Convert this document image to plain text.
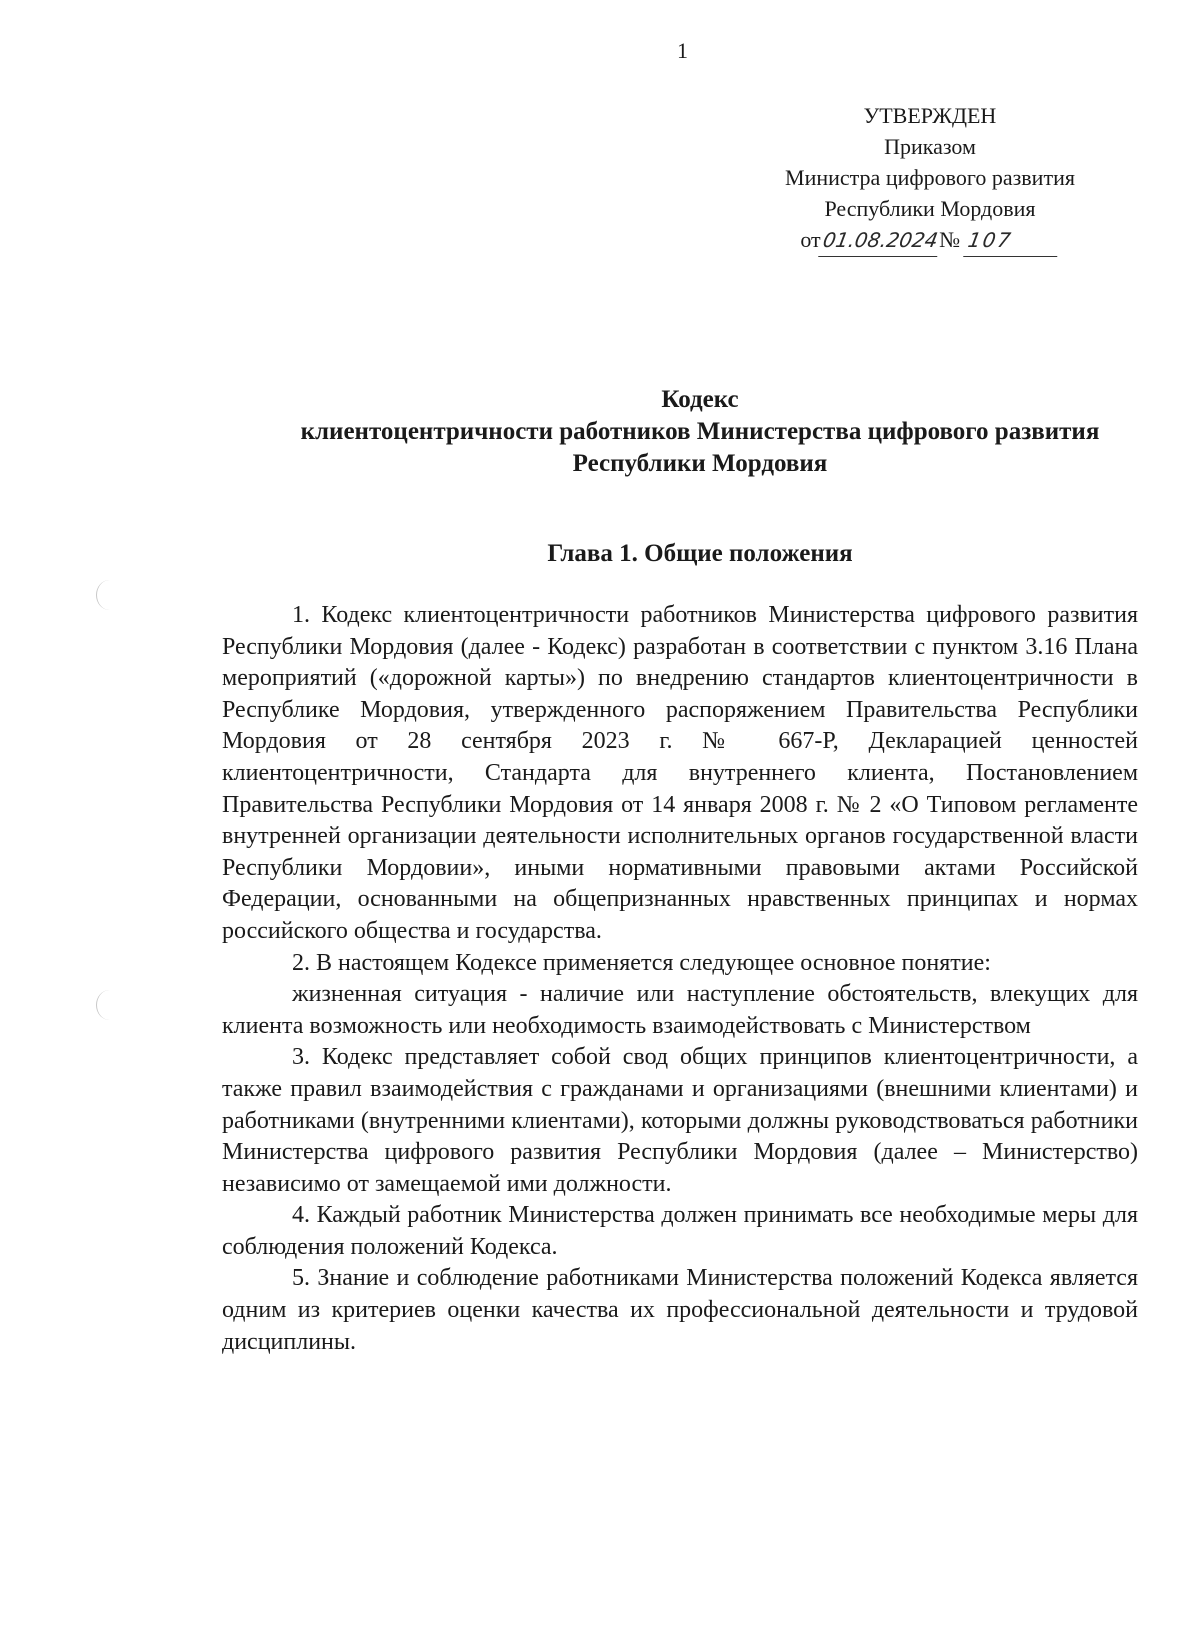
1
УТВЕРЖДЕН
Приказом
Министра цифрового развития
Республики Мордовия
от01.08.2024№ 107
Кодекс
клиентоцентричности работников Министерства цифрового развития
Республики Мордовия
Глава 1. Общие положения

1. Кодекс клиентоцентричности работников Министерства цифрового развития Республики Мордовия (далее - Кодекс) разработан в соответствии с пунктом 3.16 Плана мероприятий («дорожной карты») по внедрению стандартов клиентоцентричности в Республике Мордовия, утвержденного распоряжением Правительства Республики Мордовия от 28 сентября 2023 г. № 667-Р, Декларацией ценностей клиентоцентричности, Стандарта для внутреннего клиента, Постановлением Правительства Республики Мордовия от 14 января 2008 г. № 2 «О Типовом регламенте внутренней организации деятельности исполнительных органов государственной власти Республики Мордовии», иными нормативными правовыми актами Российской Федерации, основанными на общепризнанных нравственных принципах и нормах российского общества и государства.

2. В настоящем Кодексе применяется следующее основное понятие:

жизненная ситуация - наличие или наступление обстоятельств, влекущих для клиента возможность или необходимость взаимодействовать с Министерством

3. Кодекс представляет собой свод общих принципов клиентоцентричности, а также правил взаимодействия с гражданами и организациями (внешними клиентами) и работниками (внутренними клиентами), которыми должны руководствоваться работники Министерства цифрового развития Республики Мордовия (далее – Министерство) независимо от замещаемой ими должности.

4. Каждый работник Министерства должен принимать все необходимые меры для соблюдения положений Кодекса.

5. Знание и соблюдение работниками Министерства положений Кодекса является одним из критериев оценки качества их профессиональной деятельности и трудовой дисциплины.
